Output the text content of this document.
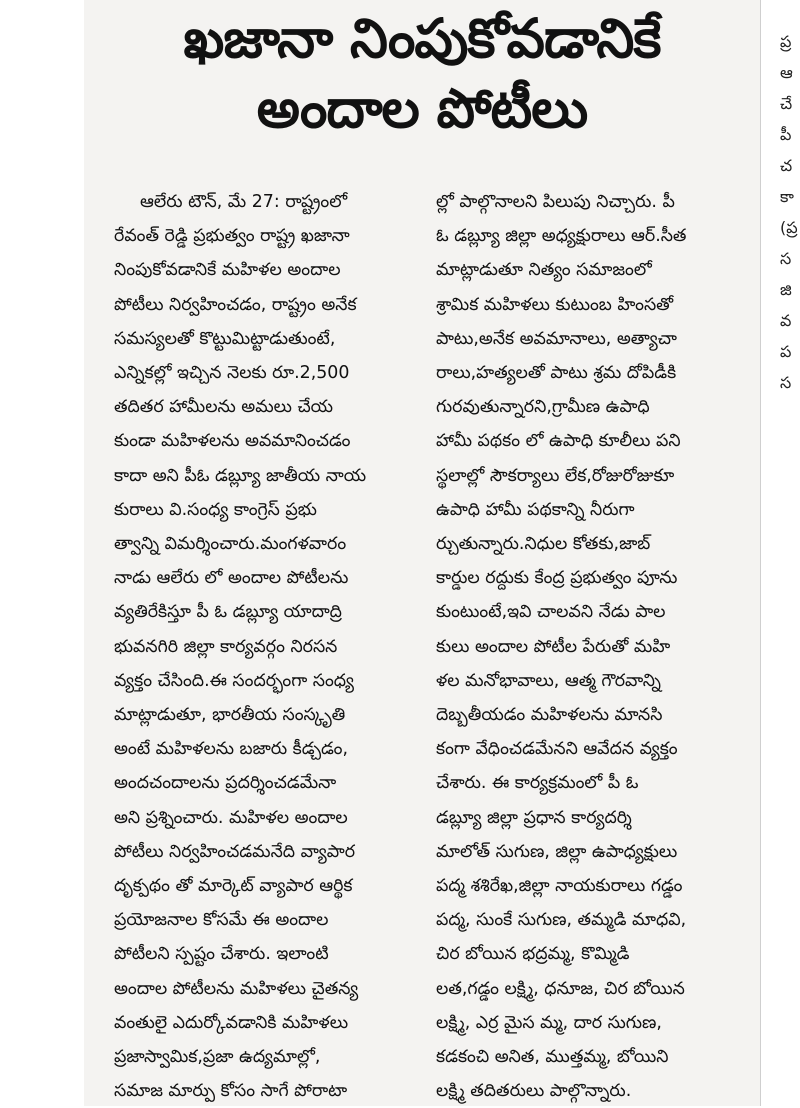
ఖజానా నింపుకోవడానికే
అందాల పోటీలు
ఆలేరు టౌన్, మే 27: రాష్ట్రంలో
రేవంత్ రెడ్డి ప్రభుత్వం రాష్ట్ర ఖజానా
నింపుకోవడానికే మహిళల అందాల
పోటీలు నిర్వహించడం, రాష్ట్రం అనేక
సమస్యలతో కొట్టుమిట్టాడుతుంటే,
ఎన్నికల్లో ఇచ్చిన నెలకు రూ.2,500
తదితర హామీలను అమలు చేయ
కుండా మహిళలను అవమానించడం
కాదా అని పీఓ డబ్ల్యూ జాతీయ నాయ
కురాలు వి.సంధ్య కాంగ్రెస్ ప్రభు
త్వాన్ని విమర్శించారు.మంగళవారం
నాడు ఆలేరు లో అందాల పోటీలను
వ్యతిరేకిస్తూ పీ ఓ డబ్ల్యూ యాదాద్రి
భువనగిరి జిల్లా కార్యవర్గం నిరసన
వ్యక్తం చేసింది.ఈ సందర్భంగా సంధ్య
మాట్లాడుతూ, భారతీయ సంస్కృతి
అంటే మహిళలను బజారు కీడ్చడం,
అందచందాలను ప్రదర్శించడమేనా
అని ప్రశ్నించారు. మహిళల అందాల
పోటీలు నిర్వహించడమనేది వ్యాపార
దృక్పథం తో మార్కెట్ వ్యాపార ఆర్థిక
ప్రయోజనాల కోసమే ఈ అందాల
పోటీలని స్పష్టం చేశారు. ఇలాంటి
అందాల పోటీలను మహిళలు చైతన్య
వంతులై ఎదుర్కోవడానికి మహిళలు
ప్రజాస్వామిక,ప్రజా ఉద్యమాల్లో,
సమాజ మార్పు కోసం సాగే పోరాటా
ల్లో పాల్గొనాలని పిలుపు నిచ్చారు. పీ
ఓ డబ్ల్యూ జిల్లా అధ్యక్షురాలు ఆర్.సీత
మాట్లాడుతూ నిత్యం సమాజంలో
శ్రామిక మహిళలు కుటుంబ హింసతో
పాటు,అనేక అవమానాలు, అత్యాచా
రాలు,హత్యలతో పాటు శ్రమ దోపిడీకి
గురవుతున్నారని,గ్రామీణ ఉపాధి
హామీ పథకం లో ఉపాధి కూలీలు పని
స్థలాల్లో సౌకర్యాలు లేక,రోజురోజుకూ
ఉపాధి హామీ పథకాన్ని నీరుగా
ర్చుతున్నారు.నిధుల కోతకు,జాబ్
కార్డుల రద్దుకు కేంద్ర ప్రభుత్వం పూను
కుంటుంటే,ఇవి చాలవని నేడు పాల
కులు అందాల పోటీల పేరుతో మహి
ళల మనోభావాలు, ఆత్మ గౌరవాన్ని
దెబ్బతీయడం మహిళలను మానసి
కంగా వేధించడమేనని ఆవేదన వ్యక్తం
చేశారు. ఈ కార్యక్రమంలో పీ ఓ
డబ్ల్యూ జిల్లా ప్రధాన కార్యదర్శి
మాలోత్ సుగుణ, జిల్లా ఉపాధ్యక్షులు
పద్మ శశిరేఖ,జిల్లా నాయకురాలు గడ్డం
పద్మ, సుంకే సుగుణ, తమ్మడి మాధవి,
చిర బోయిన భద్రమ్మ, కొమ్మిడి
లత,గడ్డం లక్ష్మి, ధనూజ, చిర బోయిన
లక్ష్మి, ఎర్ర మైస మ్మ, దార సుగుణ,
కడకంచి అనిత, ముత్తమ్మ, బోయిని
లక్ష్మి తదితరులు పాల్గొన్నారు.
ప్ర
ఆ
చే
పీ
చ
కా
(ప్ర
స
జి
వ
ప
స
